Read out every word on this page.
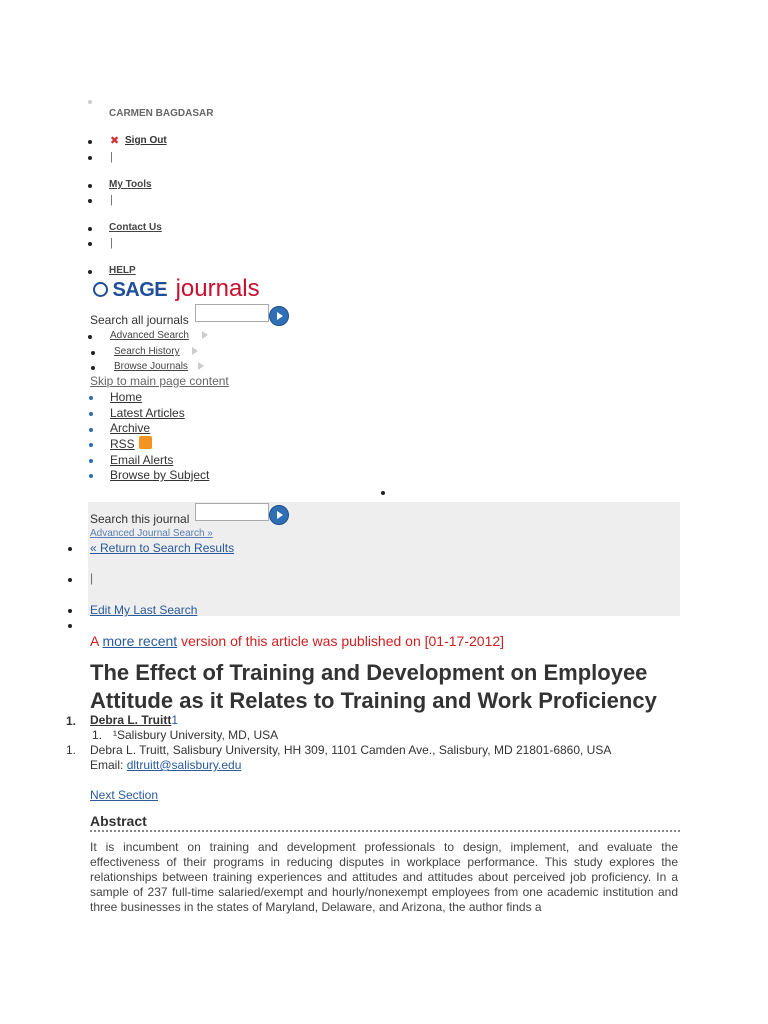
CARMEN BAGDASAR
✖ Sign Out
|
My Tools
|
Contact Us
|
HELP
SAGE journals
Search all journals
Advanced Search
Search History
Browse Journals
Skip to main page content
Home
Latest Articles
Archive
RSS
Email Alerts
Browse by Subject
Search this journal
Advanced Journal Search »
« Return to Search Results
|
Edit My Last Search
A more recent version of this article was published on [01-17-2012]
The Effect of Training and Development on Employee Attitude as it Relates to Training and Work Proficiency
1. Debra L. Truitt1
1. ¹Salisbury University, MD, USA
1. Debra L. Truitt, Salisbury University, HH 309, 1101 Camden Ave., Salisbury, MD 21801-6860, USA
Email: dltruitt@salisbury.edu
Next Section
Abstract
It is incumbent on training and development professionals to design, implement, and evaluate the effectiveness of their programs in reducing disputes in workplace performance. This study explores the relationships between training experiences and attitudes and attitudes about perceived job proficiency. In a sample of 237 full-time salaried/exempt and hourly/nonexempt employees from one academic institution and three businesses in the states of Maryland, Delaware, and Arizona, the author finds a
